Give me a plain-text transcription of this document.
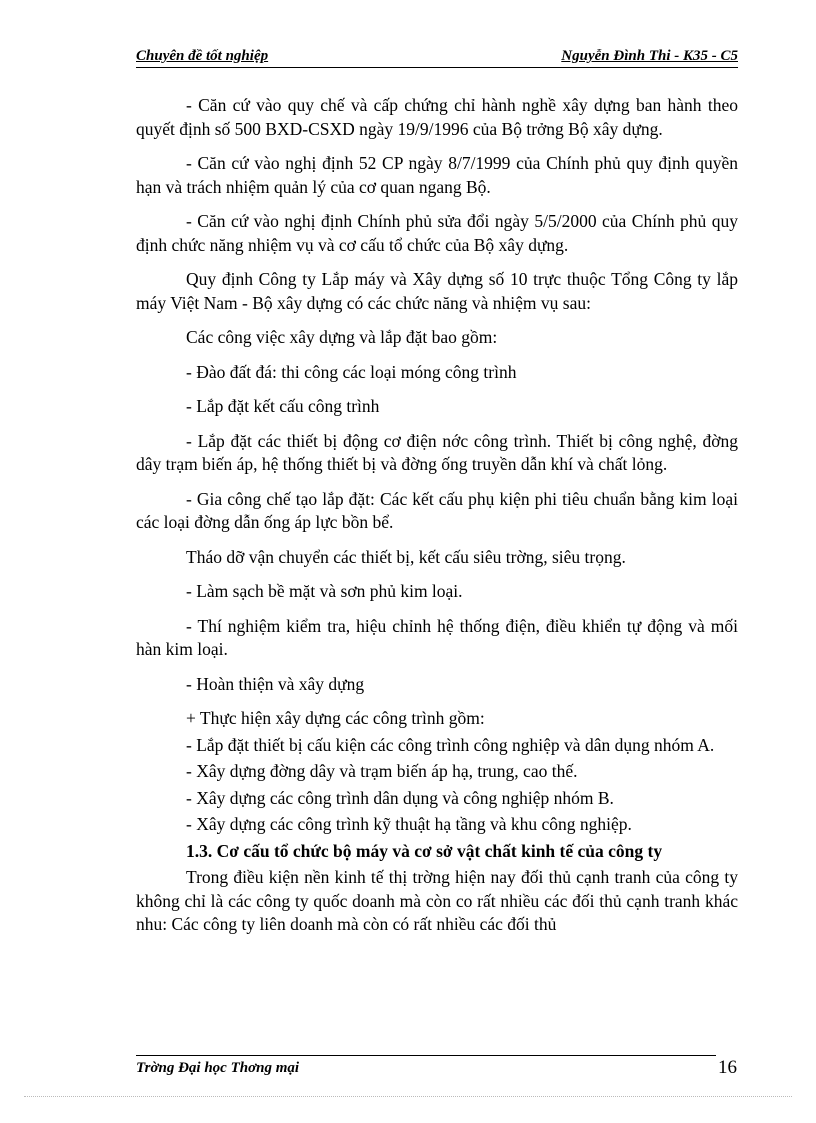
Chuyên đề tốt nghiệp	Nguyễn Đình Thi - K35 - C5

- Căn cứ vào quy chế và cấp chứng chỉ hành nghề xây dựng ban hành theo quyết định số 500 BXD-CSXD ngày 19/9/1996 của Bộ trởng Bộ xây dựng.

- Căn cứ vào nghị định 52 CP ngày 8/7/1999 của Chính phủ quy định quyền hạn và trách nhiệm quản lý của cơ quan ngang Bộ.

- Căn cứ vào nghị định Chính phủ sửa đổi ngày 5/5/2000 của Chính phủ quy định chức năng nhiệm vụ và cơ cấu tổ chức của Bộ xây dựng.

Quy định Công ty Lắp máy và Xây dựng số 10 trực thuộc Tổng Công ty lắp máy Việt Nam - Bộ xây dựng có các chức năng và nhiệm vụ sau:

Các công việc xây dựng và lắp đặt bao gồm:

- Đào đất đá: thi công các loại móng công trình

- Lắp đặt kết cấu công trình

- Lắp đặt các thiết bị động cơ điện nớc công trình. Thiết bị công nghệ, đờng dây trạm biến áp, hệ thống thiết bị và đờng ống truyền dẫn khí và chất lỏng.

- Gia công chế tạo lắp đặt: Các kết cấu phụ kiện phi tiêu chuẩn bằng kim loại các loại đờng dẫn ống áp lực bồn bể.

Tháo dỡ vận chuyển các thiết bị, kết cấu siêu trờng, siêu trọng.

- Làm sạch bề mặt và sơn phủ kim loại.

- Thí nghiệm kiểm tra, hiệu chỉnh hệ thống điện, điều khiển tự động và mối hàn kim loại.

- Hoàn thiện và xây dựng

+ Thực hiện xây dựng các công trình gồm:

- Lắp đặt thiết bị cấu kiện các công trình công nghiệp và dân dụng nhóm A.

- Xây dựng đờng dây và trạm biến áp hạ, trung, cao thế.

- Xây dựng các công trình dân dụng và công nghiệp nhóm B.

- Xây dựng các công trình kỹ thuật hạ tầng và khu công nghiệp.

1.3. Cơ cấu tổ chức bộ máy và cơ sở vật chất kinh tế của công ty

Trong điều kiện nền kinh tế thị trờng hiện nay đối thủ cạnh tranh của công ty không chỉ là các công ty quốc doanh mà còn co rất nhiều các đối thủ cạnh tranh khác nhu: Các công ty liên doanh mà còn có rất nhiều các đối thủ

Trờng Đại học Thơng mại	16
